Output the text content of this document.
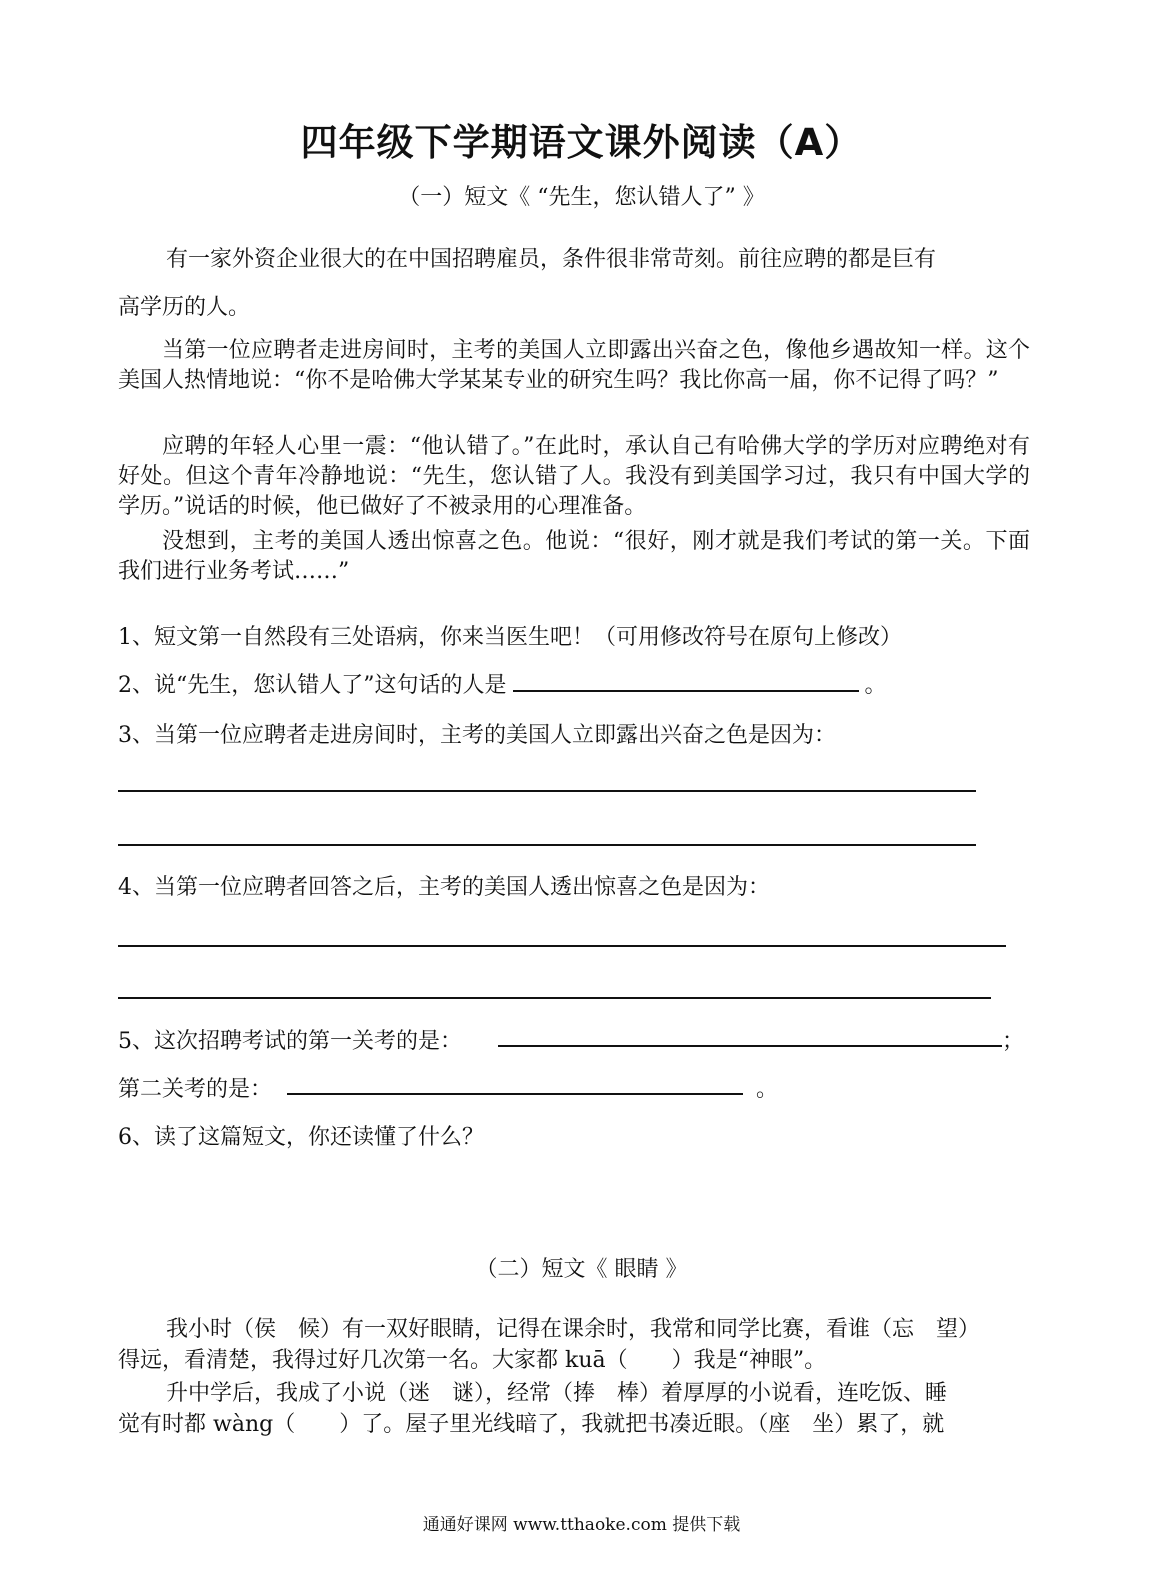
四年级下学期语文课外阅读（A）
（一）短文《 “先生，您认错人了” 》
有一家外资企业很大的在中国招聘雇员，条件很非常苛刻。前往应聘的都是巨有
高学历的人。
当第一位应聘者走进房间时，主考的美国人立即露出兴奋之色，像他乡遇故知一样。这个美国人热情地说：“你不是哈佛大学某某专业的研究生吗？我比你高一届，你不记得了吗？”
应聘的年轻人心里一震：“他认错了。”在此时，承认自己有哈佛大学的学历对应聘绝对有好处。但这个青年冷静地说：“先生，您认错了人。我没有到美国学习过，我只有中国大学的学历。”说话的时候，他已做好了不被录用的心理准备。
没想到，主考的美国人透出惊喜之色。他说：“很好，刚才就是我们考试的第一关。下面我们进行业务考试……”
1、短文第一自然段有三处语病，你来当医生吧！（可用修改符号在原句上修改）
2、说“先生，您认错人了”这句话的人是	。
3、当第一位应聘者走进房间时，主考的美国人立即露出兴奋之色是因为：
4、当第一位应聘者回答之后，主考的美国人透出惊喜之色是因为：
5、这次招聘考试的第一关考的是：	；
第二关考的是：	。
6、读了这篇短文，你还读懂了什么？
（二）短文《 眼睛 》
我小时（侯　候）有一双好眼睛，记得在课余时，我常和同学比赛，看谁（忘　望）
得远，看清楚，我得过好几次第一名。大家都 kuā（　　）我是“神眼”。
升中学后，我成了小说（迷　谜），经常（捧　棒）着厚厚的小说看，连吃饭、睡
觉有时都 wàng（　　）了。屋子里光线暗了，我就把书凑近眼。（座　坐）累了，就
通通好课网 www.tthaoke.com 提供下载
